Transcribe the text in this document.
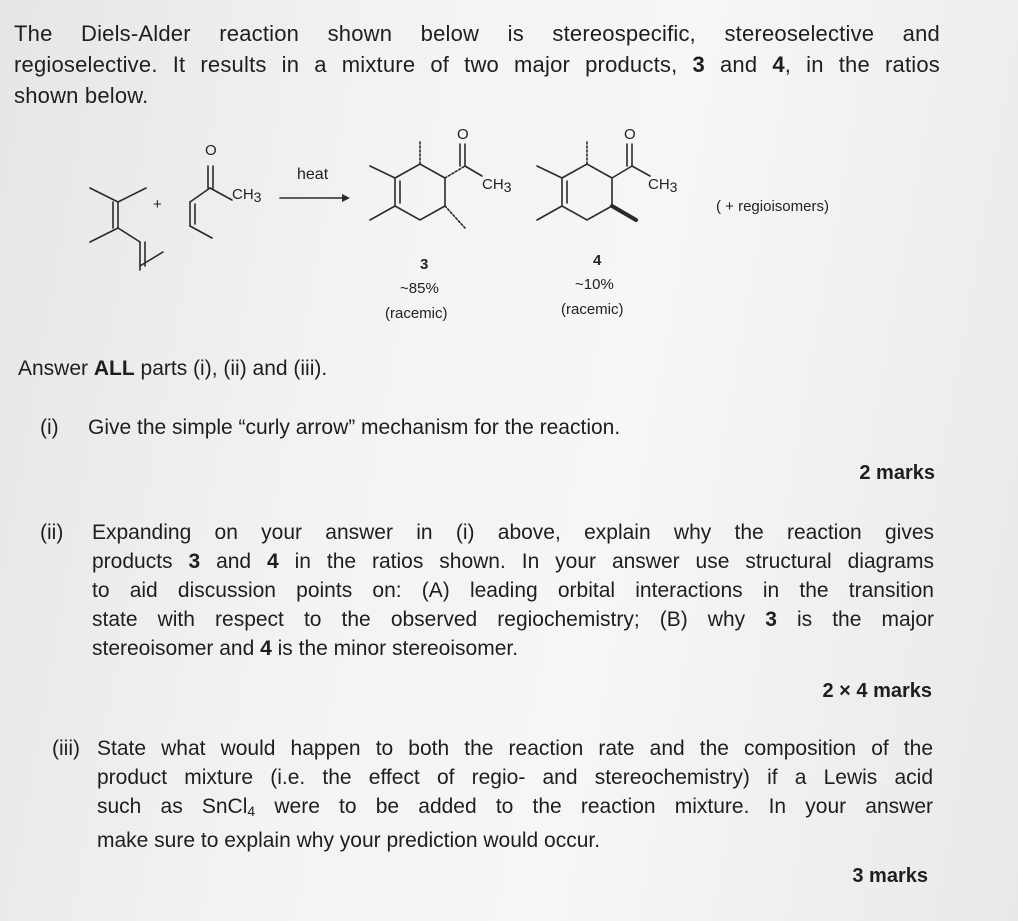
The Diels-Alder reaction shown below is stereospecific, stereoselective and
regioselective. It results in a mixture of two major products, 3 and 4, in the ratios
shown below.
+
O
$CH_3$
heat
O
$CH_3$
O
$CH_3$
( + regioisomers)
3
~85%
(racemic)
4
~10%
(racemic)
Answer ALL parts (i), (ii) and (iii).
(i) Give the simple “curly arrow” mechanism for the reaction.
2 marks
(ii) Expanding on your answer in (i) above, explain why the reaction gives
products 3 and 4 in the ratios shown. In your answer use structural diagrams
to aid discussion points on: (A) leading orbital interactions in the transition
state with respect to the observed regiochemistry; (B) why 3 is the major
stereoisomer and 4 is the minor stereoisomer.
2 × 4 marks
(iii) State what would happen to both the reaction rate and the composition of the
product mixture (i.e. the effect of regio- and stereochemistry) if a Lewis acid
such as SnCl$_4$ were to be added to the reaction mixture. In your answer
make sure to explain why your prediction would occur.
3 marks
